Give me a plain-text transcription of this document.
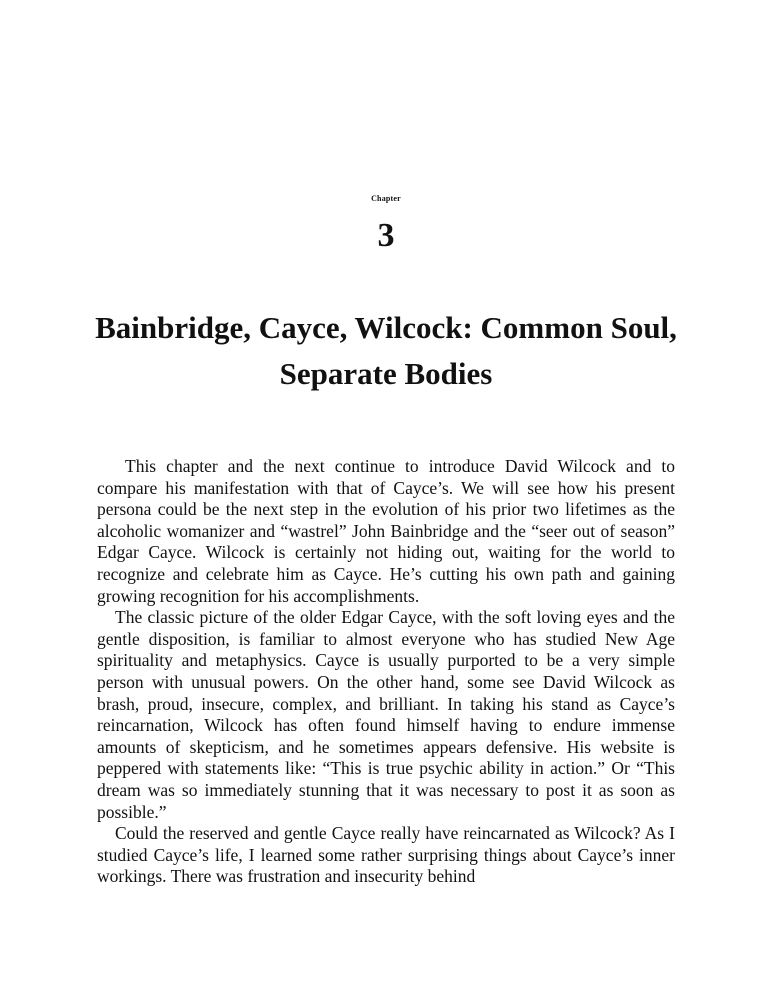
Chapter
3
Bainbridge, Cayce, Wilcock: Common Soul, Separate Bodies

This chapter and the next continue to introduce David Wilcock and to compare his manifestation with that of Cayce’s. We will see how his present persona could be the next step in the evolution of his prior two lifetimes as the alcoholic womanizer and “wastrel” John Bainbridge and the “seer out of season” Edgar Cayce. Wilcock is certainly not hiding out, waiting for the world to recognize and celebrate him as Cayce. He’s cutting his own path and gaining growing recognition for his accomplishments.

The classic picture of the older Edgar Cayce, with the soft loving eyes and the gentle disposition, is familiar to almost everyone who has studied New Age spirituality and metaphysics. Cayce is usually purported to be a very simple person with unusual powers. On the other hand, some see David Wilcock as brash, proud, insecure, complex, and brilliant. In taking his stand as Cayce’s reincarnation, Wilcock has often found himself having to endure immense amounts of skepticism, and he sometimes appears defensive. His website is peppered with statements like: “This is true psychic ability in action.” Or “This dream was so immediately stunning that it was necessary to post it as soon as possible.”

Could the reserved and gentle Cayce really have reincarnated as Wilcock? As I studied Cayce’s life, I learned some rather surprising things about Cayce’s inner workings. There was frustration and insecurity behind
